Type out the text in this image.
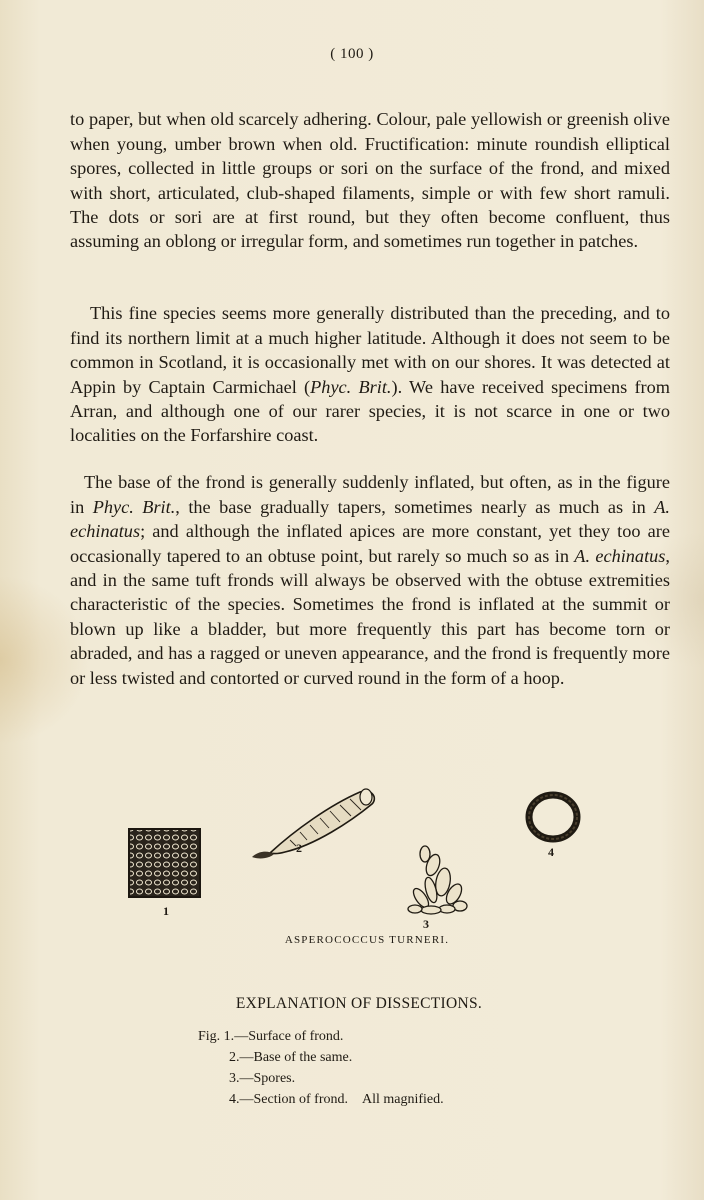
( 100 )

to paper, but when old scarcely adhering. Colour, pale yellowish or greenish olive when young, umber brown when old. Fructification: minute roundish elliptical spores, collected in little groups or sori on the surface of the frond, and mixed with short, articulated, club-shaped filaments, simple or with few short ramuli. The dots or sori are at first round, but they often become confluent, thus assuming an oblong or irregular form, and sometimes run together in patches.

This fine species seems more generally distributed than the preceding, and to find its northern limit at a much higher latitude. Although it does not seem to be common in Scotland, it is occasionally met with on our shores. It was detected at Appin by Captain Carmichael (Phyc. Brit.). We have received specimens from Arran, and although one of our rarer species, it is not scarce in one or two localities on the Forfarshire coast.

The base of the frond is generally suddenly inflated, but often, as in the figure in Phyc. Brit., the base gradually tapers, sometimes nearly as much as in A. echinatus; and although the inflated apices are more constant, yet they too are occasionally tapered to an obtuse point, but rarely so much so as in A. echinatus, and in the same tuft fronds will always be observed with the obtuse extremities characteristic of the species. Sometimes the frond is inflated at the summit or blown up like a bladder, but more frequently this part has become torn or abraded, and has a ragged or uneven appearance, and the frond is frequently more or less twisted and contorted or curved round in the form of a hoop.

1
2
3
4
ASPEROCOCCUS TURNERI.
EXPLANATION OF DISSECTIONS.
Fig. 1.—Surface of frond.
2.—Base of the same.
3.—Spores.
4.—Section of frond. All magnified.
